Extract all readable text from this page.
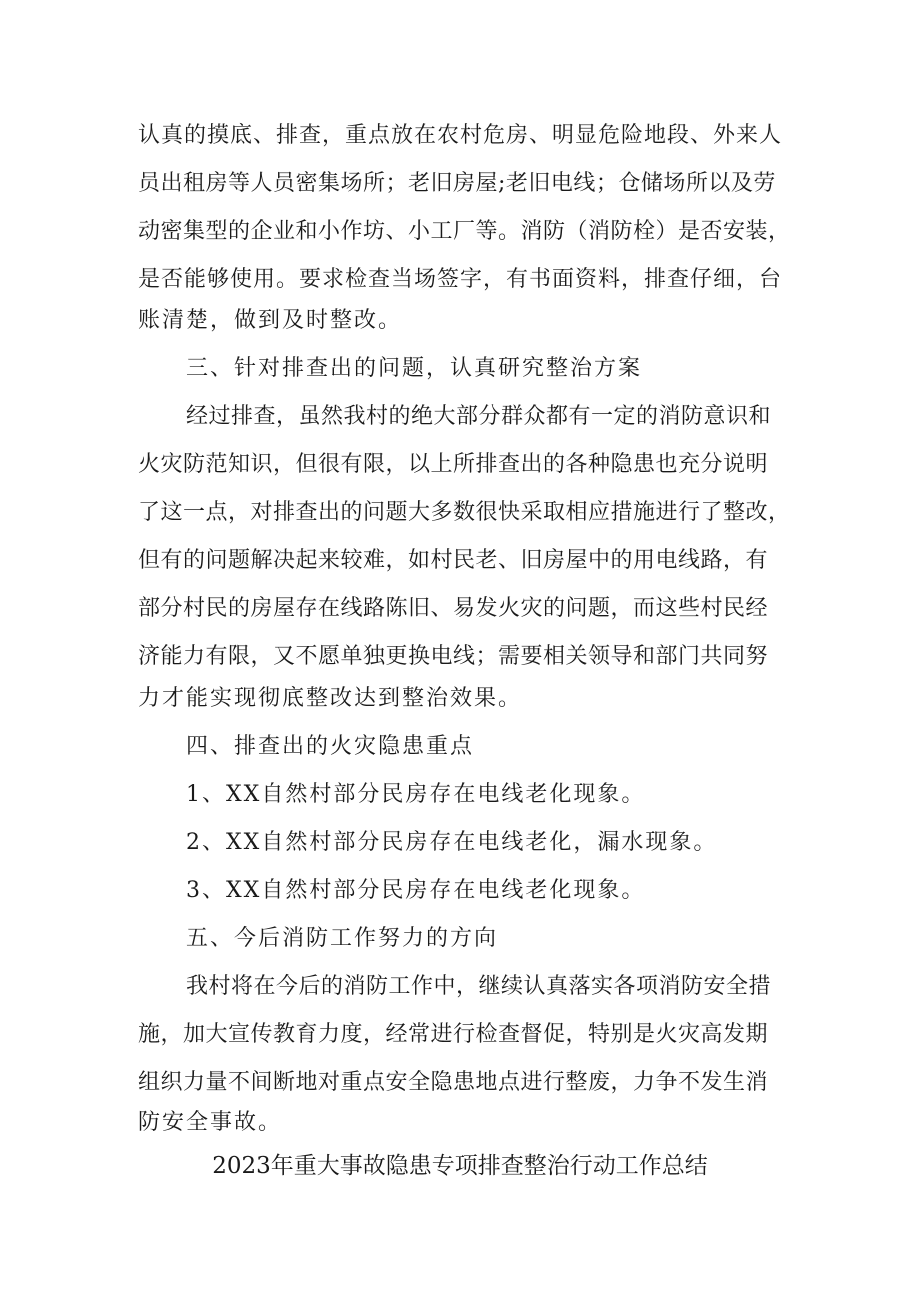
认真的摸底、排查，重点放在农村危房、明显危险地段、外来人
员出租房等人员密集场所；老旧房屋;老旧电线；仓储场所以及劳
动密集型的企业和小作坊、小工厂等。消防（消防栓）是否安装，
是否能够使用。要求检查当场签字，有书面资料，排查仔细，台
账清楚，做到及时整改。
三、针对排查出的问题，认真研究整治方案
经过排查，虽然我村的绝大部分群众都有一定的消防意识和
火灾防范知识，但很有限，以上所排查出的各种隐患也充分说明
了这一点，对排查出的问题大多数很快采取相应措施进行了整改，
但有的问题解决起来较难，如村民老、旧房屋中的用电线路，有
部分村民的房屋存在线路陈旧、易发火灾的问题，而这些村民经
济能力有限，又不愿单独更换电线；需要相关领导和部门共同努
力才能实现彻底整改达到整治效果。
四、排查出的火灾隐患重点
1、XX自然村部分民房存在电线老化现象。
2、XX自然村部分民房存在电线老化，漏水现象。
3、XX自然村部分民房存在电线老化现象。
五、今后消防工作努力的方向
我村将在今后的消防工作中，继续认真落实各项消防安全措
施，加大宣传教育力度，经常进行检查督促，特别是火灾高发期
组织力量不间断地对重点安全隐患地点进行整废，力争不发生消
防安全事故。
2023年重大事故隐患专项排查整治行动工作总结
